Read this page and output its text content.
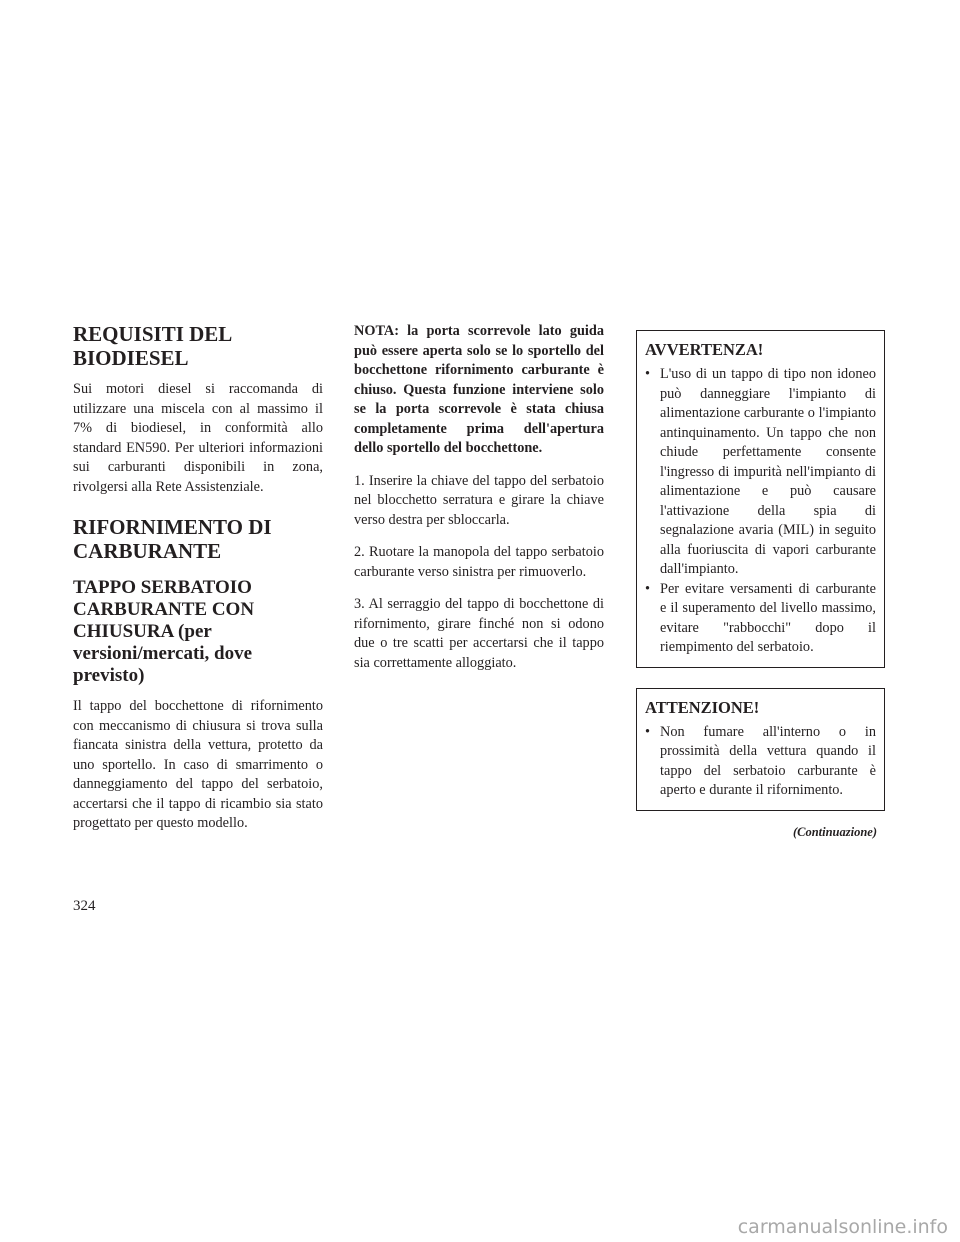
REQUISITI DEL BIODIESEL

Sui motori diesel si raccomanda di utilizzare una miscela con al massimo il 7% di biodiesel, in conformità allo standard EN590. Per ulteriori informazioni sui carburanti disponibili in zona, rivolgersi alla Rete Assistenziale.

RIFORNIMENTO DI CARBURANTE
TAPPO SERBATOIO CARBURANTE CON CHIUSURA (per versioni/mercati, dove previsto)

Il tappo del bocchettone di rifornimento con meccanismo di chiusura si trova sulla fiancata sinistra della vettura, protetto da uno sportello. In caso di smarrimento o danneggiamento del tappo del serbatoio, accertarsi che il tappo di ricambio sia stato progettato per questo modello.

NOTA: la porta scorrevole lato guida può essere aperta solo se lo sportello del bocchettone rifornimento carburante è chiuso. Questa funzione interviene solo se la porta scorrevole è stata chiusa completamente prima dell'apertura dello sportello del bocchettone.

1. Inserire la chiave del tappo del serbatoio nel blocchetto serratura e girare la chiave verso destra per sbloccarla.

2. Ruotare la manopola del tappo serbatoio carburante verso sinistra per rimuoverlo.

3. Al serraggio del tappo di bocchettone di rifornimento, girare finché non si odono due o tre scatti per accertarsi che il tappo sia correttamente alloggiato.

AVVERTENZA!

• L'uso di un tappo di tipo non idoneo può danneggiare l'impianto di alimentazione carburante o l'impianto antinquinamento. Un tappo che non chiude perfettamente consente l'ingresso di impurità nell'impianto di alimentazione e può causare l'attivazione della spia di segnalazione avaria (MIL) in seguito alla fuoriuscita di vapori carburante dall'impianto.

• Per evitare versamenti di carburante e il superamento del livello massimo, evitare "rabbocchi" dopo il riempimento del serbatoio.

ATTENZIONE!

• Non fumare all'interno o in prossimità della vettura quando il tappo del serbatoio carburante è aperto e durante il rifornimento.

(Continuazione)
324
carmanualsonline.info
